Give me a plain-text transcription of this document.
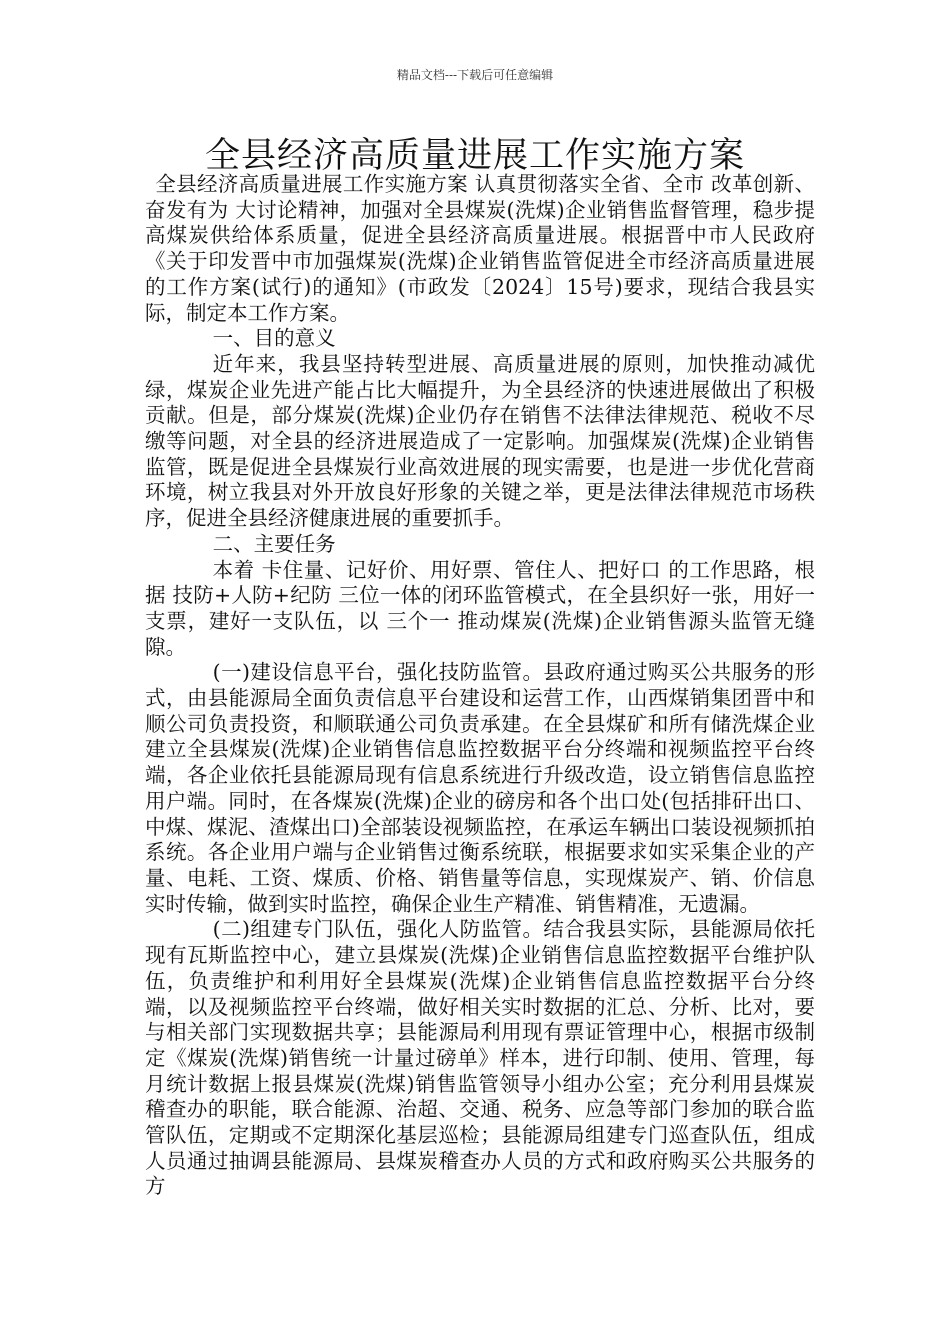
精品文档---下载后可任意编辑
全县经济高质量进展工作实施方案

全县经济高质量进展工作实施方案 认真贯彻落实全省、全市 改革创新、奋发有为 大讨论精神，加强对全县煤炭(洗煤)企业销售监督管理，稳步提高煤炭供给体系质量，促进全县经济高质量进展。根据晋中市人民政府《关于印发晋中市加强煤炭(洗煤)企业销售监管促进全市经济高质量进展的工作方案(试行)的通知》(市政发〔2024〕15号)要求，现结合我县实际，制定本工作方案。

一、目的意义

近年来，我县坚持转型进展、高质量进展的原则，加快推动减优绿，煤炭企业先进产能占比大幅提升，为全县经济的快速进展做出了积极贡献。但是，部分煤炭(洗煤)企业仍存在销售不法律法律规范、税收不尽缴等问题，对全县的经济进展造成了一定影响。加强煤炭(洗煤)企业销售监管，既是促进全县煤炭行业高效进展的现实需要，也是进一步优化营商环境，树立我县对外开放良好形象的关键之举，更是法律法律规范市场秩序，促进全县经济健康进展的重要抓手。

二、主要任务

本着 卡住量、记好价、用好票、管住人、把好口 的工作思路，根据 技防+人防+纪防 三位一体的闭环监管模式，在全县织好一张，用好一支票，建好一支队伍，以 三个一 推动煤炭(洗煤)企业销售源头监管无缝隙。

(一)建设信息平台，强化技防监管。县政府通过购买公共服务的形式，由县能源局全面负责信息平台建设和运营工作，山西煤销集团晋中和顺公司负责投资，和顺联通公司负责承建。在全县煤矿和所有储洗煤企业建立全县煤炭(洗煤)企业销售信息监控数据平台分终端和视频监控平台终端，各企业依托县能源局现有信息系统进行升级改造，设立销售信息监控用户端。同时，在各煤炭(洗煤)企业的磅房和各个出口处(包括排矸出口、中煤、煤泥、渣煤出口)全部装设视频监控，在承运车辆出口装设视频抓拍系统。各企业用户端与企业销售过衡系统联，根据要求如实采集企业的产量、电耗、工资、煤质、价格、销售量等信息，实现煤炭产、销、价信息实时传输，做到实时监控，确保企业生产精准、销售精准，无遗漏。

(二)组建专门队伍，强化人防监管。结合我县实际，县能源局依托现有瓦斯监控中心，建立县煤炭(洗煤)企业销售信息监控数据平台维护队伍，负责维护和利用好全县煤炭(洗煤)企业销售信息监控数据平台分终端，以及视频监控平台终端，做好相关实时数据的汇总、分析、比对，要与相关部门实现数据共享；县能源局利用现有票证管理中心，根据市级制定《煤炭(洗煤)销售统一计量过磅单》样本，进行印制、使用、管理，每月统计数据上报县煤炭(洗煤)销售监管领导小组办公室；充分利用县煤炭稽查办的职能，联合能源、治超、交通、税务、应急等部门参加的联合监管队伍，定期或不定期深化基层巡检；县能源局组建专门巡查队伍，组成人员通过抽调县能源局、县煤炭稽查办人员的方式和政府购买公共服务的方
